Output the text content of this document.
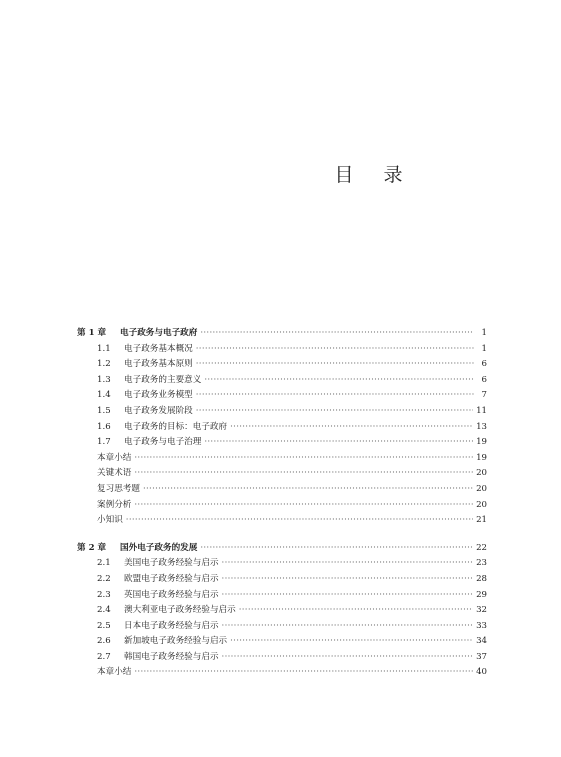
目录
第 1 章	电子政务与电子政府 ·····	1
1.1	电子政务基本概况 ·····	1
1.2	电子政务基本原则 ·····	6
1.3	电子政务的主要意义 ·····	6
1.4	电子政务业务模型 ·····	7
1.5	电子政务发展阶段 ·····	11
1.6	电子政务的目标：电子政府 ·····	13
1.7	电子政务与电子治理 ·····	19
本章小结 ·····	19
关键术语 ·····	20
复习思考题 ·····	20
案例分析 ·····	20
小知识 ·····	21
第 2 章	国外电子政务的发展 ·····	22
2.1	美国电子政务经验与启示 ·····	23
2.2	欧盟电子政务经验与启示 ·····	28
2.3	英国电子政务经验与启示 ·····	29
2.4	澳大利亚电子政务经验与启示 ·····	32
2.5	日本电子政务经验与启示 ·····	33
2.6	新加坡电子政务经验与启示 ·····	34
2.7	韩国电子政务经验与启示 ·····	37
本章小结 ·····	40
